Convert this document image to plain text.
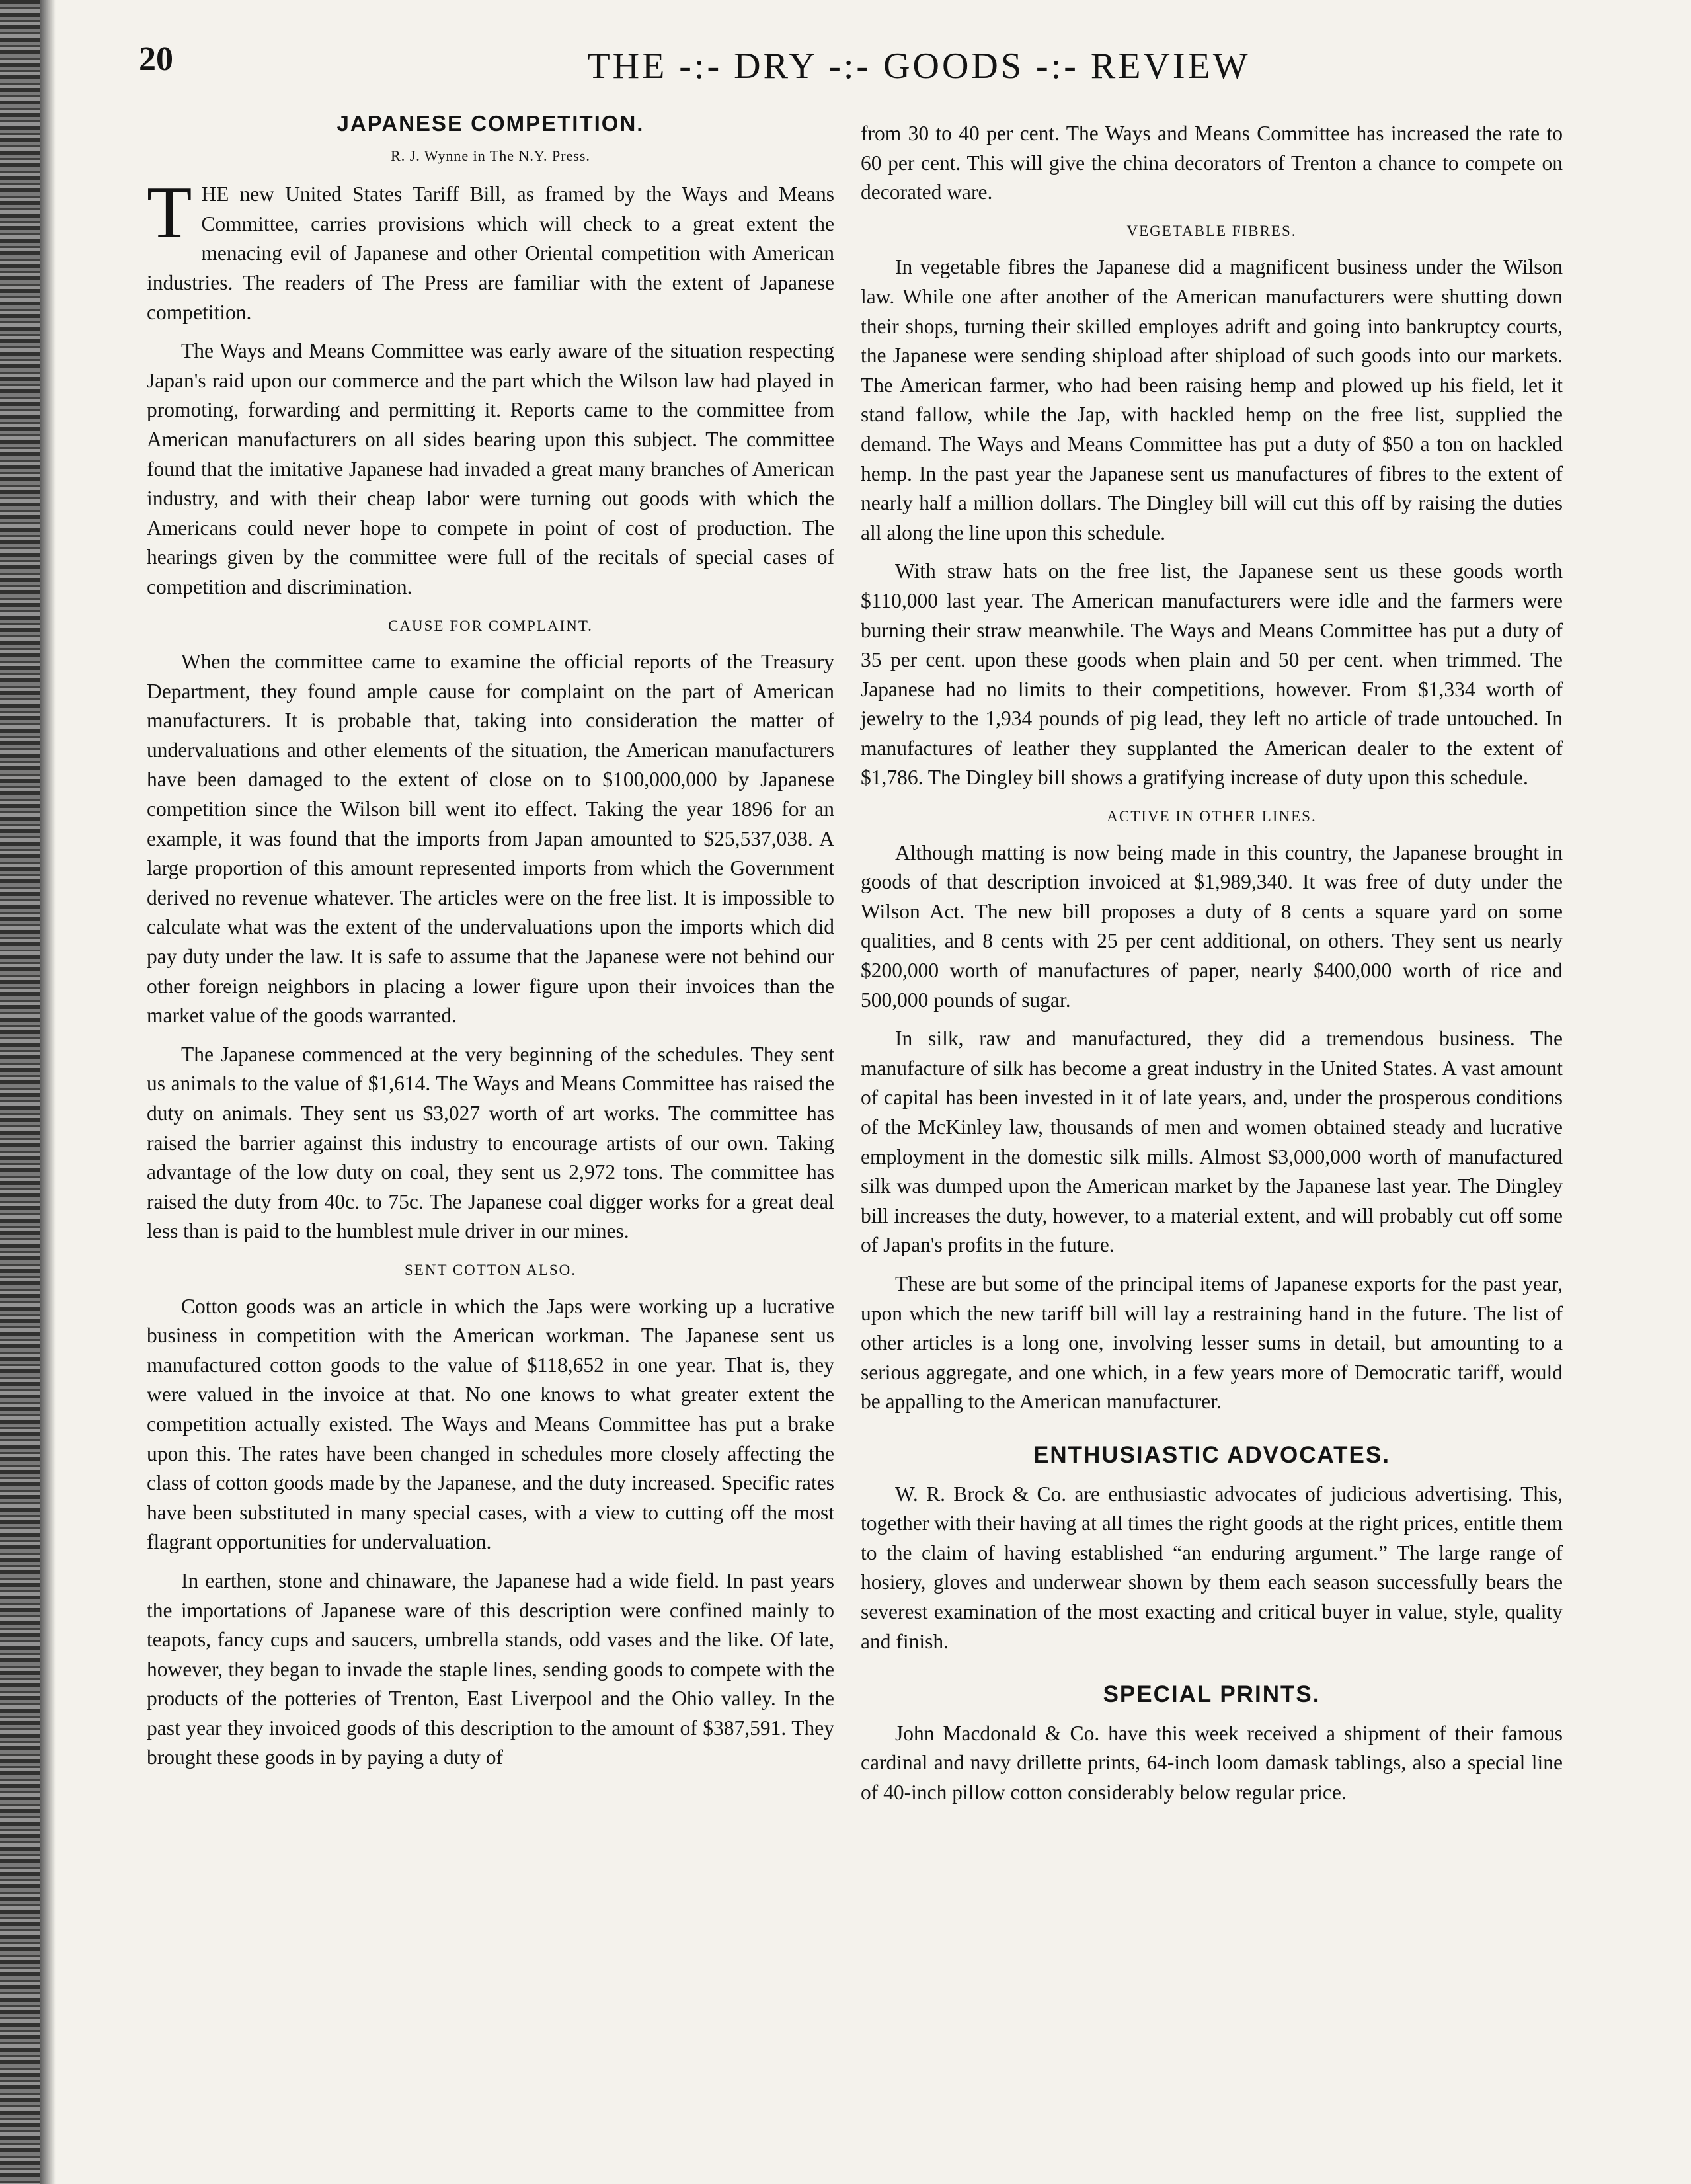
20	THE -:- DRY -:- GOODS -:- REVIEW
JAPANESE COMPETITION.
R. J. Wynne in The N.Y. Press.

THE new United States Tariff Bill, as framed by the Ways and Means Committee, carries provisions which will check to a great extent the menacing evil of Japanese and other Oriental competition with American industries. The readers of The Press are familiar with the extent of Japanese competition.

The Ways and Means Committee was early aware of the situation respecting Japan's raid upon our commerce and the part which the Wilson law had played in promoting, forwarding and permitting it. Reports came to the committee from American manufacturers on all sides bearing upon this subject. The committee found that the imitative Japanese had invaded a great many branches of American industry, and with their cheap labor were turning out goods with which the Americans could never hope to compete in point of cost of production. The hearings given by the committee were full of the recitals of special cases of competition and discrimination.

CAUSE FOR COMPLAINT.

When the committee came to examine the official reports of the Treasury Department, they found ample cause for complaint on the part of American manufacturers. It is probable that, taking into consideration the matter of undervaluations and other elements of the situation, the American manufacturers have been damaged to the extent of close on to $100,000,000 by Japanese competition since the Wilson bill went ito effect. Taking the year 1896 for an example, it was found that the imports from Japan amounted to $25,537,038. A large proportion of this amount represented imports from which the Government derived no revenue whatever. The articles were on the free list. It is impossible to calculate what was the extent of the undervaluations upon the imports which did pay duty under the law. It is safe to assume that the Japanese were not behind our other foreign neighbors in placing a lower figure upon their invoices than the market value of the goods warranted.

The Japanese commenced at the very beginning of the schedules. They sent us animals to the value of $1,614. The Ways and Means Committee has raised the duty on animals. They sent us $3,027 worth of art works. The committee has raised the barrier against this industry to encourage artists of our own. Taking advantage of the low duty on coal, they sent us 2,972 tons. The committee has raised the duty from 40c. to 75c. The Japanese coal digger works for a great deal less than is paid to the humblest mule driver in our mines.

SENT COTTON ALSO.

Cotton goods was an article in which the Japs were working up a lucrative business in competition with the American workman. The Japanese sent us manufactured cotton goods to the value of $118,652 in one year. That is, they were valued in the invoice at that. No one knows to what greater extent the competition actually existed. The Ways and Means Committee has put a brake upon this. The rates have been changed in schedules more closely affecting the class of cotton goods made by the Japanese, and the duty increased. Specific rates have been substituted in many special cases, with a view to cutting off the most flagrant opportunities for undervaluation.

In earthen, stone and chinaware, the Japanese had a wide field. In past years the importations of Japanese ware of this description were confined mainly to teapots, fancy cups and saucers, umbrella stands, odd vases and the like. Of late, however, they began to invade the staple lines, sending goods to compete with the products of the potteries of Trenton, East Liverpool and the Ohio valley. In the past year they invoiced goods of this description to the amount of $387,591. They brought these goods in by paying a duty of

from 30 to 40 per cent. The Ways and Means Committee has increased the rate to 60 per cent. This will give the china decorators of Trenton a chance to compete on decorated ware.

VEGETABLE FIBRES.

In vegetable fibres the Japanese did a magnificent business under the Wilson law. While one after another of the American manufacturers were shutting down their shops, turning their skilled employes adrift and going into bankruptcy courts, the Japanese were sending shipload after shipload of such goods into our markets. The American farmer, who had been raising hemp and plowed up his field, let it stand fallow, while the Jap, with hackled hemp on the free list, supplied the demand. The Ways and Means Committee has put a duty of $50 a ton on hackled hemp. In the past year the Japanese sent us manufactures of fibres to the extent of nearly half a million dollars. The Dingley bill will cut this off by raising the duties all along the line upon this schedule.

With straw hats on the free list, the Japanese sent us these goods worth $110,000 last year. The American manufacturers were idle and the farmers were burning their straw meanwhile. The Ways and Means Committee has put a duty of 35 per cent. upon these goods when plain and 50 per cent. when trimmed. The Japanese had no limits to their competitions, however. From $1,334 worth of jewelry to the 1,934 pounds of pig lead, they left no article of trade untouched. In manufactures of leather they supplanted the American dealer to the extent of $1,786. The Dingley bill shows a gratifying increase of duty upon this schedule.

ACTIVE IN OTHER LINES.

Although matting is now being made in this country, the Japanese brought in goods of that description invoiced at $1,989,340. It was free of duty under the Wilson Act. The new bill proposes a duty of 8 cents a square yard on some qualities, and 8 cents with 25 per cent additional, on others. They sent us nearly $200,000 worth of manufactures of paper, nearly $400,000 worth of rice and 500,000 pounds of sugar.

In silk, raw and manufactured, they did a tremendous business. The manufacture of silk has become a great industry in the United States. A vast amount of capital has been invested in it of late years, and, under the prosperous conditions of the McKinley law, thousands of men and women obtained steady and lucrative employment in the domestic silk mills. Almost $3,000,000 worth of manufactured silk was dumped upon the American market by the Japanese last year. The Dingley bill increases the duty, however, to a material extent, and will probably cut off some of Japan's profits in the future.

These are but some of the principal items of Japanese exports for the past year, upon which the new tariff bill will lay a restraining hand in the future. The list of other articles is a long one, involving lesser sums in detail, but amounting to a serious aggregate, and one which, in a few years more of Democratic tariff, would be appalling to the American manufacturer.

ENTHUSIASTIC ADVOCATES.

W. R. Brock & Co. are enthusiastic advocates of judicious advertising. This, together with their having at all times the right goods at the right prices, entitle them to the claim of having established “an enduring argument.” The large range of hosiery, gloves and underwear shown by them each season successfully bears the severest examination of the most exacting and critical buyer in value, style, quality and finish.

SPECIAL PRINTS.

John Macdonald & Co. have this week received a shipment of their famous cardinal and navy drillette prints, 64-inch loom damask tablings, also a special line of 40-inch pillow cotton considerably below regular price.
